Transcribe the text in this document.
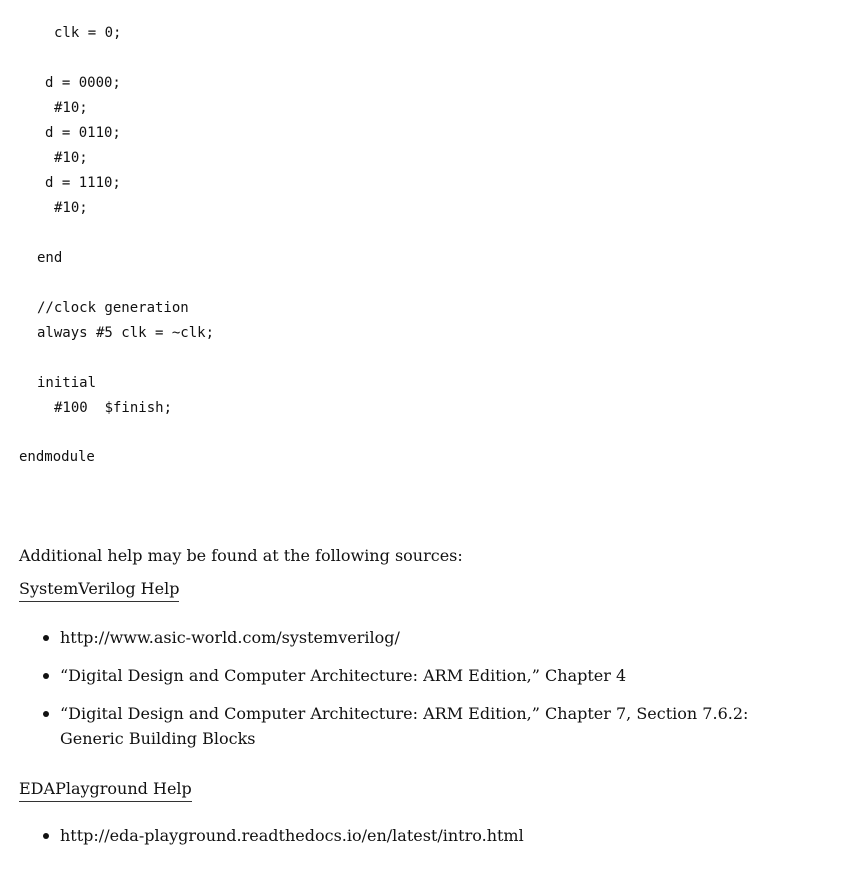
clk = 0;

d = 0000;

#10;

d = 0110;

#10;

d = 1110;

#10;

end

//clock generation

always #5 clk = ~clk;

initial

#100  $finish;

endmodule

Additional help may be found at the following sources:

SystemVerilog Help
http://www.asic-world.com/systemverilog/
“Digital Design and Computer Architecture: ARM Edition,” Chapter 4
“Digital Design and Computer Architecture: ARM Edition,” Chapter 7, Section 7.6.2: Generic Building Blocks
EDAPlayground Help
http://eda-playground.readthedocs.io/en/latest/intro.html
